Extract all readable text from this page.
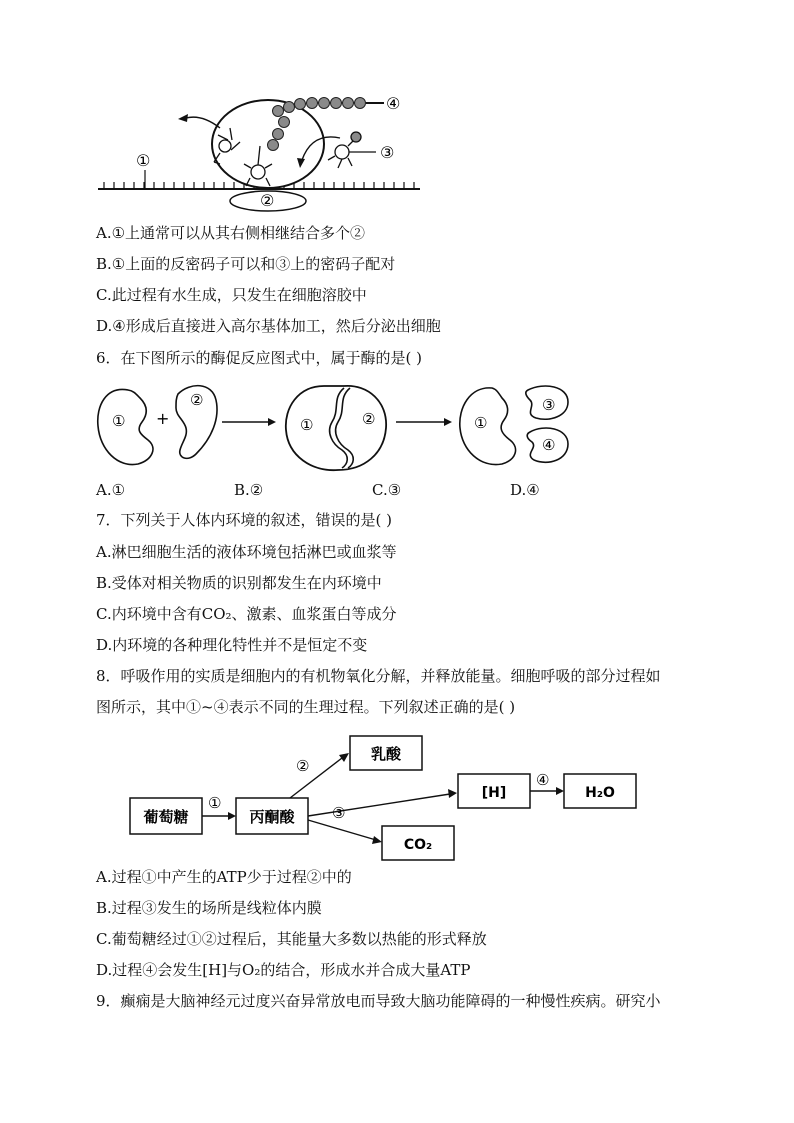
①
②
③
④
A.①上通常可以从其右侧相继结合多个②
B.①上面的反密码子可以和③上的密码子配对
C.此过程有水生成，只发生在细胞溶胶中
D.④形成后直接进入高尔基体加工，然后分泌出细胞
6．在下图所示的酶促反应图式中，属于酶的是( )
① +
②
①	②	①
③
④
A.①	B.②	C.③	D.④
7．下列关于人体内环境的叙述，错误的是( )
A.淋巴细胞生活的液体环境包括淋巴或血浆等
B.受体对相关物质的识别都发生在内环境中
C.内环境中含有CO₂、激素、血浆蛋白等成分
D.内环境的各种理化特性并不是恒定不变
8．呼吸作用的实质是细胞内的有机物氧化分解，并释放能量。细胞呼吸的部分过程如
图所示，其中①~④表示不同的生理过程。下列叙述正确的是( )
葡萄糖	丙酮酸
乳酸
[H]	H₂O
CO₂
①
②
③
④
A.过程①中产生的ATP少于过程②中的
B.过程③发生的场所是线粒体内膜
C.葡萄糖经过①②过程后，其能量大多数以热能的形式释放
D.过程④会发生[H]与O₂的结合，形成水并合成大量ATP
9．癫痫是大脑神经元过度兴奋异常放电而导致大脑功能障碍的一种慢性疾病。研究小
